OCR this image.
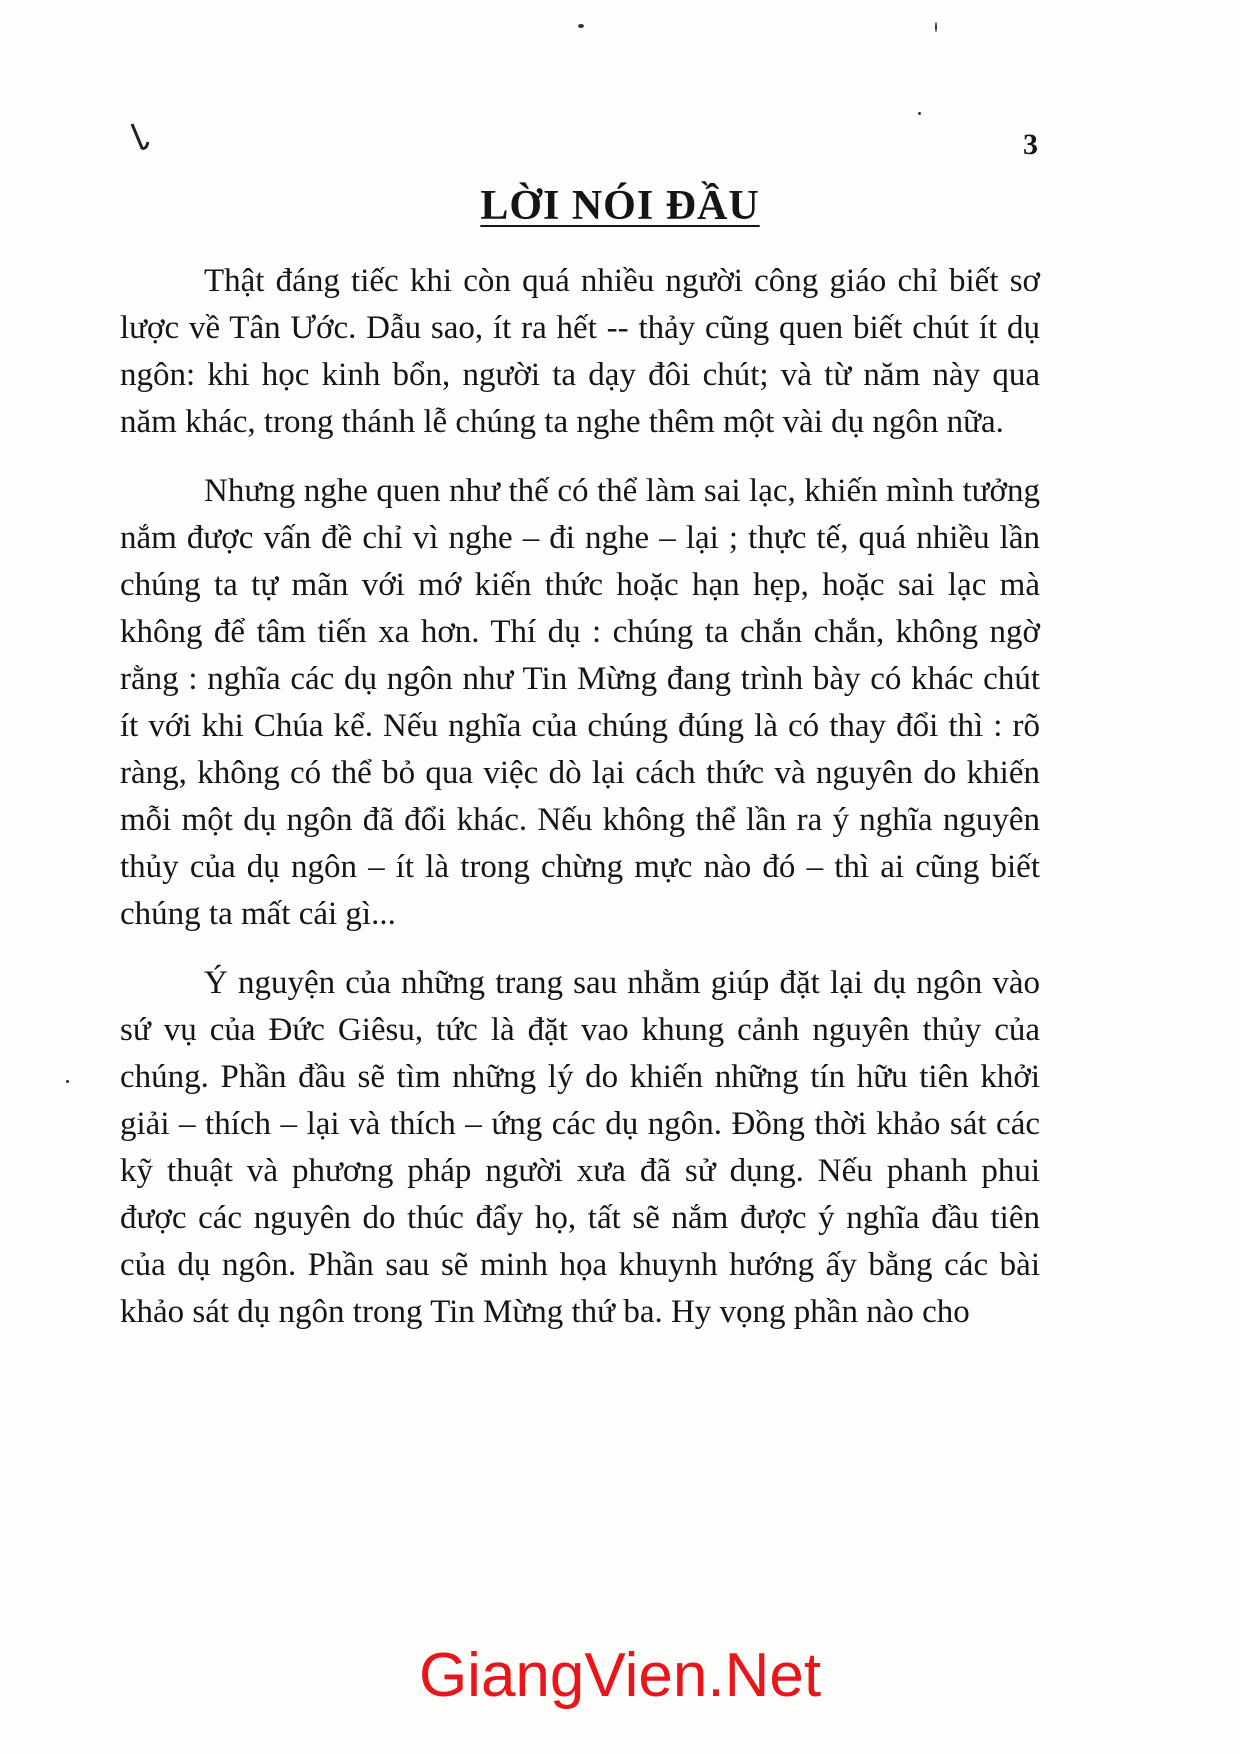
3
LỜI NÓI ĐẦU

Thật đáng tiếc khi còn quá nhiều người công giáo chỉ biết sơ lược về Tân Ước. Dẫu sao, ít ra hết -- thảy cũng quen biết chút ít dụ ngôn: khi học kinh bổn, người ta dạy đôi chút; và từ năm này qua năm khác, trong thánh lễ chúng ta nghe thêm một vài dụ ngôn nữa.

Nhưng nghe quen như thế có thể làm sai lạc, khiến mình tưởng nắm được vấn đề chỉ vì nghe – đi nghe – lại ; thực tế, quá nhiều lần chúng ta tự mãn với mớ kiến thức hoặc hạn hẹp, hoặc sai lạc mà không để tâm tiến xa hơn. Thí dụ : chúng ta chắn chắn, không ngờ rằng : nghĩa các dụ ngôn như Tin Mừng đang trình bày có khác chút ít với khi Chúa kể. Nếu nghĩa của chúng đúng là có thay đổi thì : rõ ràng, không có thể bỏ qua việc dò lại cách thức và nguyên do khiến mỗi một dụ ngôn đã đổi khác. Nếu không thể lần ra ý nghĩa nguyên thủy của dụ ngôn – ít là trong chừng mực nào đó – thì ai cũng biết chúng ta mất cái gì...

Ý nguyện của những trang sau nhằm giúp đặt lại dụ ngôn vào sứ vụ của Đức Giêsu, tức là đặt vao khung cảnh nguyên thủy của chúng. Phần đầu sẽ tìm những lý do khiến những tín hữu tiên khởi giải – thích – lại và thích – ứng các dụ ngôn. Đồng thời khảo sát các kỹ thuật và phương pháp người xưa đã sử dụng. Nếu phanh phui được các nguyên do thúc đẩy họ, tất sẽ nắm được ý nghĩa đầu tiên của dụ ngôn. Phần sau sẽ minh họa khuynh hướng ấy bằng các bài khảo sát dụ ngôn trong Tin Mừng thứ ba. Hy vọng phần nào cho

GiangVien.Net
